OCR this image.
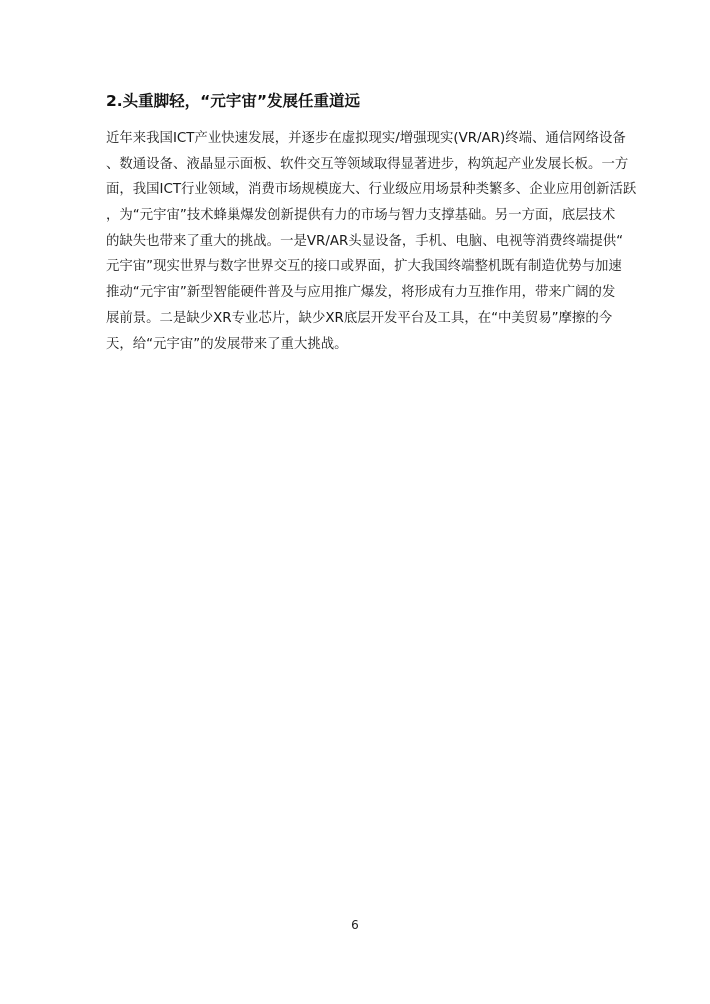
2.头重脚轻，“元宇宙”发展任重道远
近年来我国ICT产业快速发展，并逐步在虚拟现实/增强现实(VR/AR)终端、通信网络设备
、数通设备、液晶显示面板、软件交互等领域取得显著进步，构筑起产业发展长板。一方
面，我国ICT行业领域，消费市场规模庞大、行业级应用场景种类繁多、企业应用创新活跃
，为“元宇宙”技术蜂巢爆发创新提供有力的市场与智力支撑基础。另一方面，底层技术
的缺失也带来了重大的挑战。一是VR/AR头显设备，手机、电脑、电视等消费终端提供“
元宇宙”现实世界与数字世界交互的接口或界面，扩大我国终端整机既有制造优势与加速
推动“元宇宙”新型智能硬件普及与应用推广爆发，将形成有力互推作用，带来广阔的发
展前景。二是缺少XR专业芯片，缺少XR底层开发平台及工具，在“中美贸易”摩擦的今
天，给“元宇宙”的发展带来了重大挑战。
6
